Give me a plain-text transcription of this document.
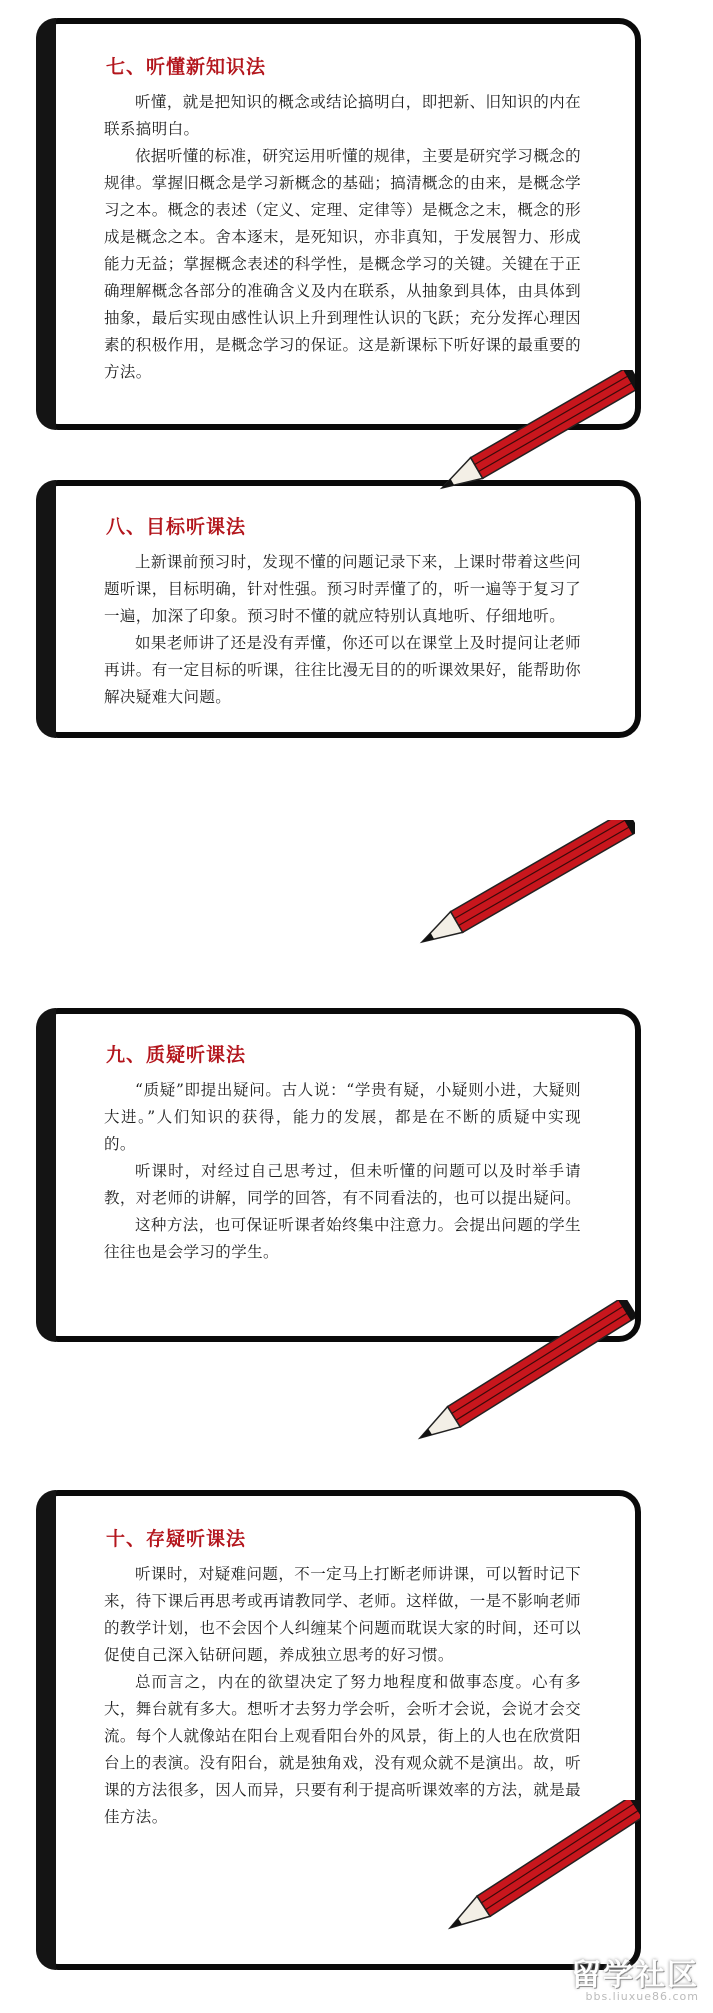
七、听懂新知识法

听懂，就是把知识的概念或结论搞明白，即把新、旧知识的内在联系搞明白。

依据听懂的标准，研究运用听懂的规律，主要是研究学习概念的规律。掌握旧概念是学习新概念的基础；搞清概念的由来，是概念学习之本。概念的表述（定义、定理、定律等）是概念之末，概念的形成是概念之本。舍本逐末，是死知识，亦非真知，于发展智力、形成能力无益；掌握概念表述的科学性，是概念学习的关键。关键在于正确理解概念各部分的准确含义及内在联系，从抽象到具体，由具体到抽象，最后实现由感性认识上升到理性认识的飞跃；充分发挥心理因素的积极作用，是概念学习的保证。这是新课标下听好课的最重要的方法。

八、目标听课法

上新课前预习时，发现不懂的问题记录下来，上课时带着这些问题听课，目标明确，针对性强。预习时弄懂了的，听一遍等于复习了一遍，加深了印象。预习时不懂的就应特别认真地听、仔细地听。

如果老师讲了还是没有弄懂，你还可以在课堂上及时提问让老师再讲。有一定目标的听课，往往比漫无目的的听课效果好，能帮助你解决疑难大问题。

九、质疑听课法

“质疑”即提出疑问。古人说：“学贵有疑，小疑则小进，大疑则大进。”人们知识的获得，能力的发展，都是在不断的质疑中实现的。

听课时，对经过自己思考过，但未听懂的问题可以及时举手请教，对老师的讲解，同学的回答，有不同看法的，也可以提出疑问。

这种方法，也可保证听课者始终集中注意力。会提出问题的学生往往也是会学习的学生。

十、存疑听课法

听课时，对疑难问题，不一定马上打断老师讲课，可以暂时记下来，待下课后再思考或再请教同学、老师。这样做，一是不影响老师的教学计划，也不会因个人纠缠某个问题而耽误大家的时间，还可以促使自己深入钻研问题，养成独立思考的好习惯。

总而言之，内在的欲望决定了努力地程度和做事态度。心有多大，舞台就有多大。想听才去努力学会听，会听才会说，会说才会交流。每个人就像站在阳台上观看阳台外的风景，街上的人也在欣赏阳台上的表演。没有阳台，就是独角戏，没有观众就不是演出。故，听课的方法很多，因人而异，只要有利于提高听课效率的方法，就是最佳方法。

留学社区
bbs.liuxue86.com
